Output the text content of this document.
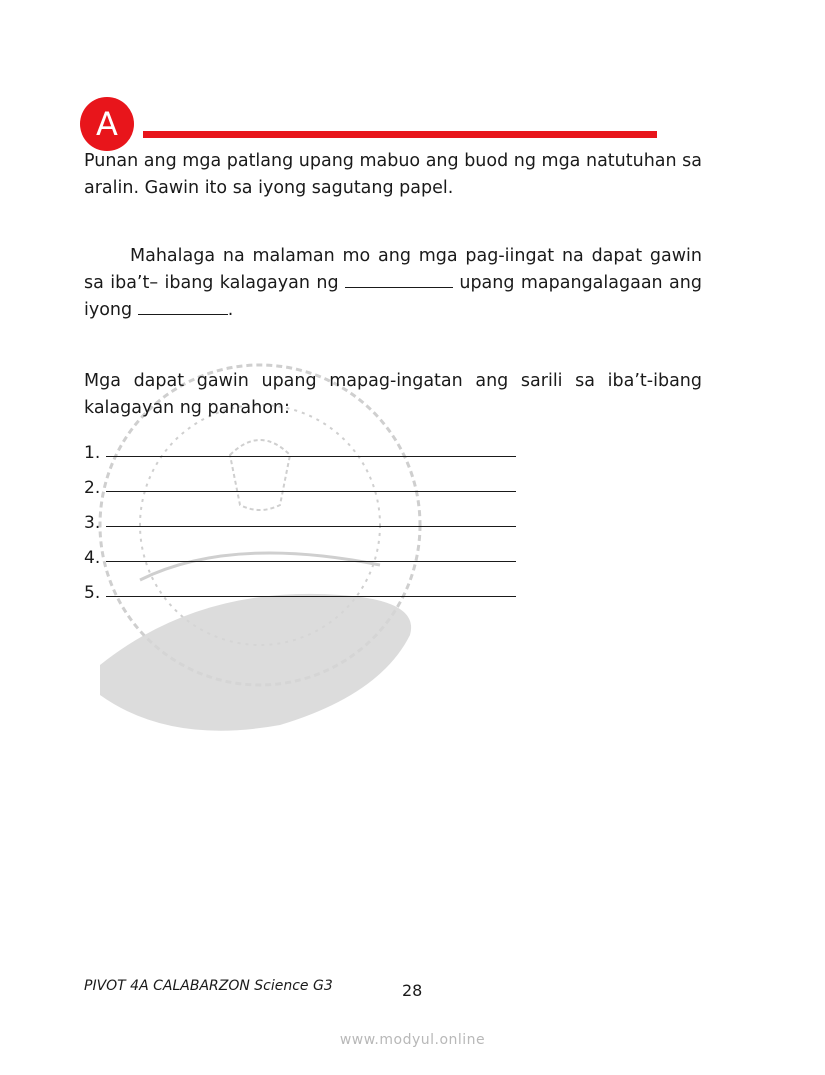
A

Punan ang mga patlang upang mabuo ang buod ng mga natutuhan sa aralin. Gawin ito sa iyong sagutang papel.

Mahalaga na malaman mo ang mga pag-iingat na dapat gawin sa iba’t– ibang kalagayan ng	upang mapangalagaan ang iyong	.

Mga dapat gawin upang mapag-ingatan ang sarili sa iba’t-ibang kalagayan ng panahon:

1.
2.
3.
4.
5.
PIVOT 4A CALABARZON Science G3	28
www.modyul.online
